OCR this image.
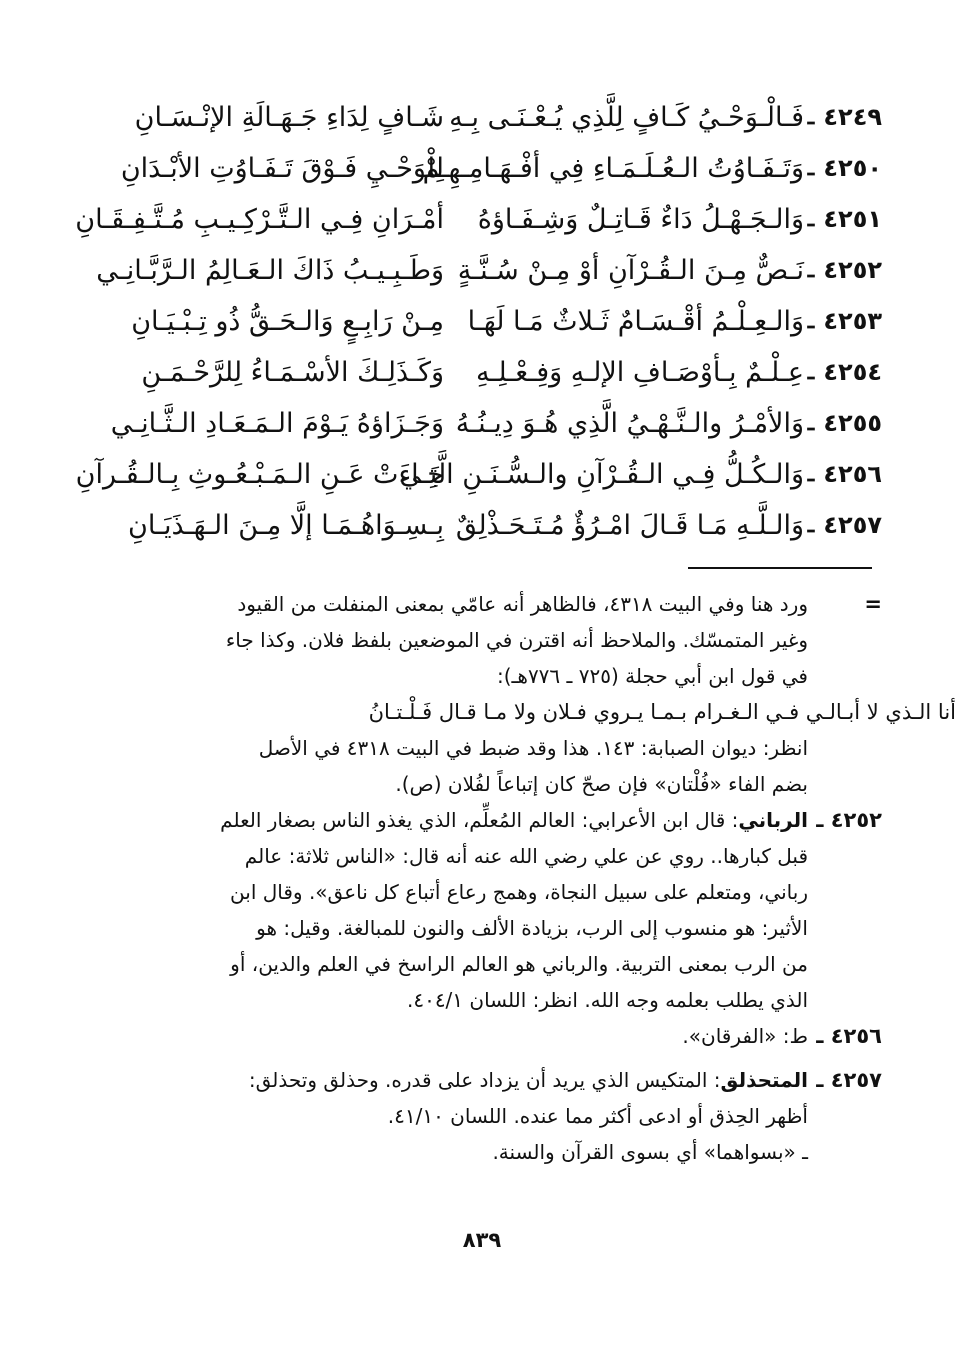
٤٢٤٩
ـ
فَـالْـوَحْـيُ كَـافٍ لِلَّذِي يُـعْـنَـى بِـهِ
شَـافٍ لِدَاءِ جَـهَـالَةِ الإنْـسَـانِ
٤٢٥٠
ـ
وَتَـفَـاوُتُ الـعُـلَـمَـاءِ فِي أفْـهَـامِـهِـمْ
لِلْوَحْـيِ فَـوْقَ تَـفَـاوُتِ الأبْـدَانِ
٤٢٥١
ـ
وَالـجَـهْـلُ دَاءٌ قَـاتِـلٌ وَشِـفَـاؤهُ
أمْـرَانِ فِـي الـتَّـرْكِـيـبِ مُـتَّـفِـقَـانِ
٤٢٥٢
ـ
نَـصٌّ مِـنَ الـقُـرْآنِ أوْ مِـنْ سُـنَّـةٍ
وَطَـبِـيـبُ ذَاكَ الـعَـالِمُ الـرَّبَّـانِـي
٤٢٥٣
ـ
وَالـعِـلْـمُ أقْـسَـامٌ ثَـلاثٌ مَـا لَهَـا
مِـنْ رَابِـعٍ وَالـحَـقُّ ذُو تِـبْـيَـانِ
٤٢٥٤
ـ
عِـلْـمٌ بِـأوْصَـافِ الإلـهِ وَفِـعْـلِـهِ
وَكَـذَلِـكَ الأسْـمَـاءُ لِلرَّحْـمَـنِ
٤٢٥٥
ـ
وَالأمْـرُ والـنَّـهْـيُ الَّذِي هُـوَ دِيـنُـهُ
وَجَـزَاؤهُ يَـوْمَ الـمَـعَـادِ الـثَّـانِـي
٤٢٥٦
ـ
وَالـكُـلُّ فِـي الـقُـرْآنِ والـسُّـنَـنِ الَّتِـي
جَـاءَتْ عَـنِ الـمَـبْـعُـوثِ بِـالـقُـرآنِ
٤٢٥٧
ـ
وَالـلَّـهِ مَـا قَـالَ امْـرُؤٌ مُـتَـحَـذْلِقٌ
بِـسِـوَاهُـمَـا إلَّا مِـنَ الـهَـذَيَـانِ
=
ورد هنا وفي البيت ٤٣١٨، فالظاهر أنه عامّي بمعنى المنفلت من القيود
وغير المتمسّك. والملاحظ أنه اقترن في الموضعين بلفظ فلان. وكذا جاء
في قول ابن أبي حجلة (٧٢٥ ـ ٧٧٦هـ):
أنا الـذي لا أبـالـي فـي الـغـرام بـمـا يـروي فـلان ولا مـا قـال فَـلْـتـانُ
انظر: ديوان الصبابة: ١٤٣. هذا وقد ضبط في البيت ٤٣١٨ في الأصل
بضم الفاء «فُلْتان» فإن صحّ كان إتباعاً لفُلان (ص).
٤٢٥٢ ـ
الرباني: قال ابن الأعرابي: العالم المُعلِّم، الذي يغذو الناس بصغار العلم
قبل كبارها.. روي عن علي رضي الله عنه أنه قال: «الناس ثلاثة: عالم
رباني، ومتعلم على سبيل النجاة، وهمج رعاع أتباع كل ناعق». وقال ابن
الأثير: هو منسوب إلى الرب، بزيادة الألف والنون للمبالغة. وقيل: هو
من الرب بمعنى التربية. والرباني هو العالم الراسخ في العلم والدين، أو
الذي يطلب بعلمه وجه الله. انظر: اللسان ٤٠٤/١.
٤٢٥٦ ـ
ط: «الفرقان».
٤٢٥٧ ـ
المتحذلق: المتكيس الذي يريد أن يزداد على قدره. وحذلق وتحذلق:
أظهر الحِذق أو ادعى أكثر مما عنده. اللسان ٤١/١٠.
ـ «بسواهما» أي بسوى القرآن والسنة.
٨٣٩
